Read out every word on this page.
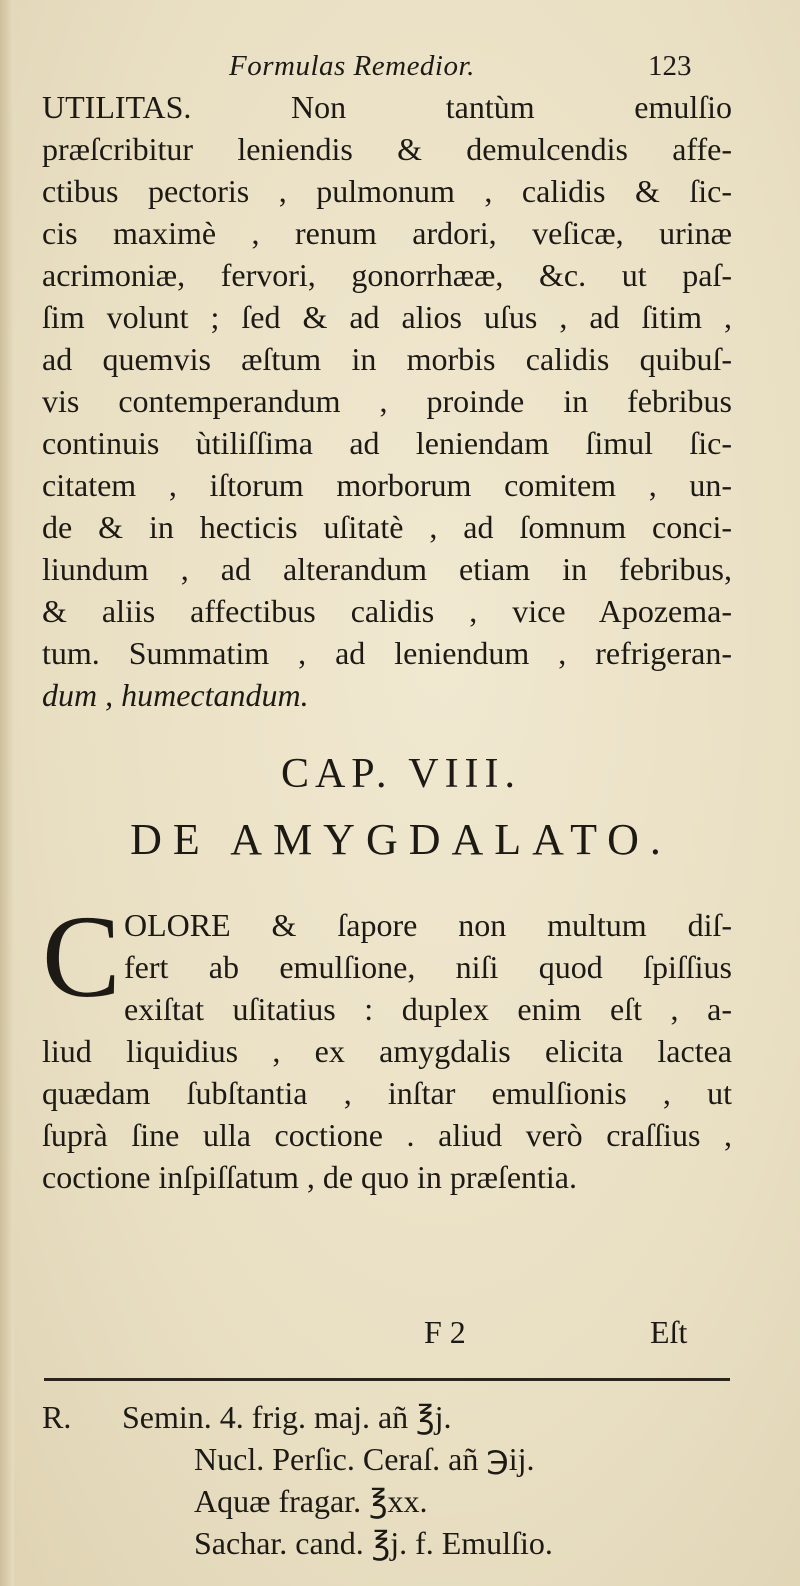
Formulas Remedior.	123
UTILITAS. Non tantùm emulſio
præſcribitur leniendis & demulcendis affe-
ctibus pectoris , pulmonum , calidis & ſic-
cis maximè , renum ardori, veſicæ, urinæ
acrimoniæ, fervori, gonorrhææ, &c. ut paſ-
ſim volunt ; ſed & ad alios uſus , ad ſitim ,
ad quemvis æſtum in morbis calidis quibuſ-
vis contemperandum , proinde in febribus
continuis ùtiliſſima ad leniendam ſimul ſic-
citatem , iſtorum morborum comitem , un-
de & in hecticis uſitatè , ad ſomnum conci-
liundum , ad alterandum etiam in febribus,
& aliis affectibus calidis , vice Apozema-
tum. Summatim , ad leniendum , refrigeran-
dum , humectandum.
CAP. VIII.
DE AMYGDALATO.
C OLORE & ſapore non multum diſ-
fert ab emulſione, niſi quod ſpiſſius
exiſtat uſitatius : duplex enim eſt , a-
liud liquidius , ex amygdalis elicita lactea
quædam ſubſtantia , inſtar emulſionis , ut
ſuprà ſine ulla coctione . aliud verò craſſius ,
coctione inſpiſſatum , de quo in præſentia.
F 2	Eſt
R. Semin. 4. frig. maj. añ ℥j.
Nucl. Perſic. Ceraſ. añ ℈ij.
Aquæ fragar. ℥xx.
Sachar. cand. ℥j. f. Emulſio.
